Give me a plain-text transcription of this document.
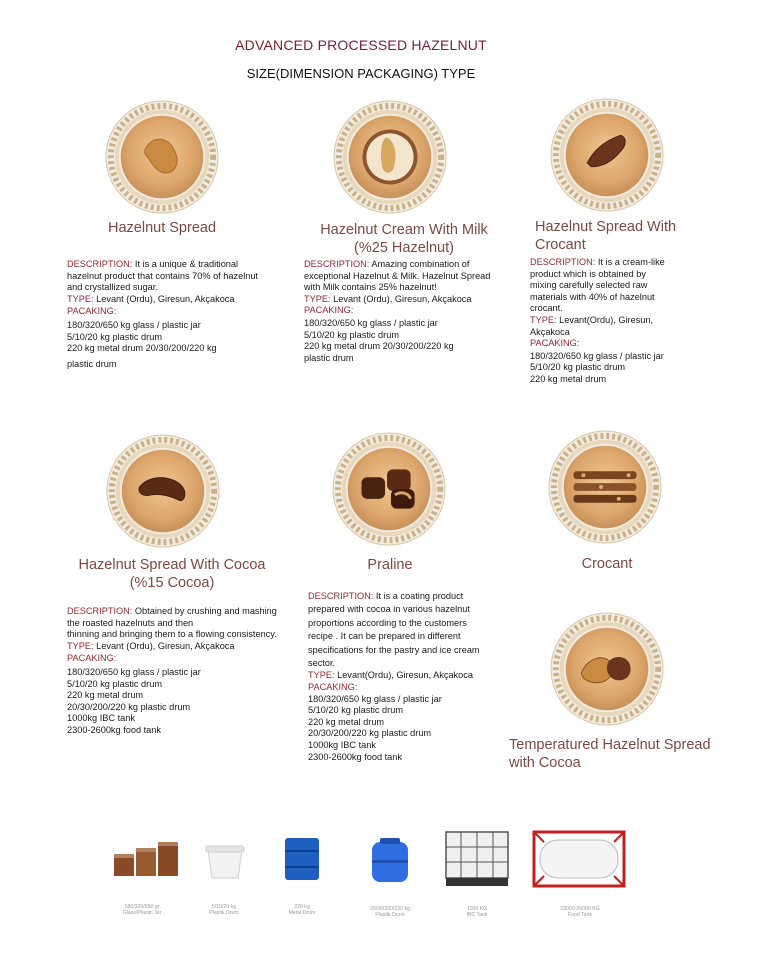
ADVANCED PROCESSED HAZELNUT
SIZE(DIMENSION PACKAGING) TYPE
Hazelnut Spread
DESCRIPTION: It is a unique & traditional
hazelnut product that contains 70% of hazelnut
and crystallized sugar.
TYPE: Levant (Ordu), Giresun, Akçakoca
PACAKING:
180/320/650 kg glass / plastic jar
5/10/20 kg plastic drum
220 kg metal drum 20/30/200/220 kg
plastic drum
Hazelnut Cream With Milk
(%25 Hazelnut)
DESCRIPTION: Amazing combination of
exceptional Hazelnut & Milk. Hazelnut Spread
with Milk contains 25% hazelnut!
TYPE: Levant (Ordu), Giresun, Akçakoca
PACAKING:
180/320/650 kg glass / plastic jar
5/10/20 kg plastic drum
220 kg metal drum 20/30/200/220 kg
plastic drum
Hazelnut Spread With
Crocant
DESCRIPTION: It is a cream-like
product which is obtained by
mixing carefully selected raw
materials with 40% of hazelnut
crocant.
TYPE: Levant(Ordu), Giresun,
Akçakoca
PACAKING:
180/320/650 kg glass / plastic jar
5/10/20 kg plastic drum
220 kg metal drum
Hazelnut Spread With Cocoa
(%15 Cocoa)
DESCRIPTION: Obtained by crushing and mashing
the roasted hazelnuts and then
thinning and bringing them to a flowing consistency.
TYPE: Levant (Ordu), Giresun, Akçakoca
PACAKING:
180/320/650 kg glass / plastic jar
5/10/20 kg plastic drum
220 kg metal drum
20/30/200/220 kg plastic drum
1000kg IBC tank
2300-2600kg food tank
Praline
DESCRIPTION: It is a coating product
prepared with cocoa in various hazelnut
proportions according to the customers
recipe . It can be prepared in different
specifications for the pastry and ice cream
sector.
TYPE: Levant(Ordu), Giresun, Akçakoca
PACAKING:
180/320/650 kg glass / plastic jar
5/10/20 kg plastic drum
220 kg metal drum
20/30/200/220 kg plastic drum
1000kg IBC tank
2300-2600kg food tank
Crocant
Temperatured Hazelnut Spread
with Cocoa
180/320/650 gr
Glass/Plastic Jar
5/10/20 kg
Plastik Drum
220 kg
Metal Drum
20/30/200/220 kg
Plastik Drum
1000 KG
IBC Tank
23000-26000 KG
Food Tank
